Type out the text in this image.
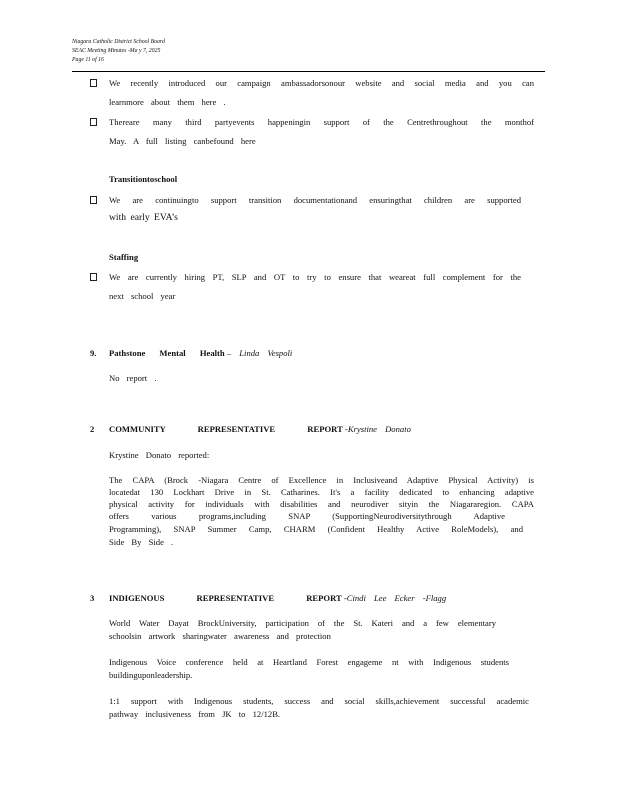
Niagara Catholic District School Board
SEAC Meeting Minutes -Ma y 7, 2025
Page 11 of 16
We recently introduced our campaign ambassadorsonour website and social media and you can
learnmore about them here .
Thereare many third partyevents happeningin support of the Centrethroughout the monthof
May. A full listing canbefound here
Transitiontoschool
We are continuingto support transition documentationand ensuringthat children are supported
with early EVA’s
Staffing
We are currently hiring PT, SLP and OT to try to ensure that weareat full complement for the
next school year
9. Pathstone Mental Health – Linda Vespoli
No report .
2 COMMUNITY REPRESENTATIVE REPORT -Krystine Donato
Krystine Donato reported:
The CAPA (Brock -Niagara Centre of Excellence in Inclusiveand Adaptive Physical Activity) is
locatedat 130 Lockhart Drive in St. Catharines. It's a facility dedicated to enhancing adaptive
physical activity for individuals with disabilities and neurodiver sityin the Niagararegion. CAPA
offers various programs,including SNAP (SupportingNeurodiversitythrough Adaptive
Programming), SNAP Summer Camp, CHARM (Confident Healthy Active RoleModels), and
Side By Side .
3 INDIGENOUS REPRESENTATIVE REPORT -Cindi Lee Ecker -Flagg
World Water Dayat BrockUniversity, participation of the St. Kateri and a few elementary
schoolsin artwork sharingwater awareness and protection
Indigenous Voice conference held at Heartland Forest engageme nt with Indigenous students
buildinguponleadership.
1:1 support with Indigenous students, success and social skills,achievement successful academic
pathway inclusiveness from JK to 12/12B.
